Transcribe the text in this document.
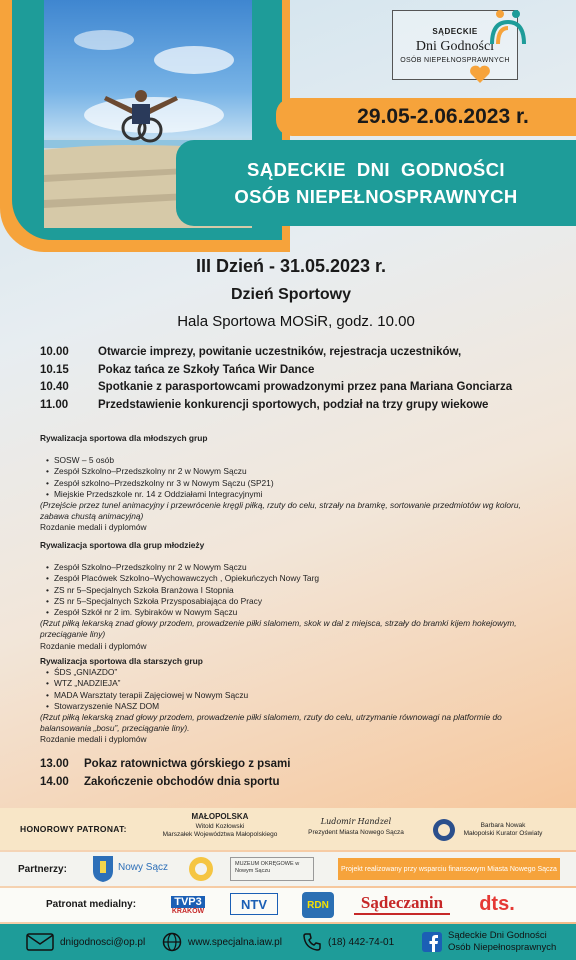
SĄDECKIE
Dni Godności
OSÓB NIEPEŁNOSPRAWNYCH
29.05-2.06.2023 r.
SĄDECKIE  DNI  GODNOŚCI
OSÓB NIEPEŁNOSPRAWNYCH
III Dzień - 31.05.2023 r.
Dzień Sportowy
Hala Sportowa MOSiR, godz. 10.00
10.00	Otwarcie imprezy, powitanie uczestników, rejestracja uczestników,
10.15	Pokaz tańca ze Szkoły Tańca Wir Dance
10.40	Spotkanie z parasportowcami prowadzonymi przez pana Mariana Gonciarza
11.00	Przedstawienie konkurencji sportowych, podział na trzy grupy wiekowe
Rywalizacja sportowa dla młodszych grup
• SOSW – 5 osób
• Zespół Szkolno–Przedszkolny nr 2 w Nowym Sączu
• Zespół szkolno–Przedszkolny nr 3 w Nowym Sączu (SP21)
• Miejskie Przedszkole nr. 14 z Oddziałami Integracyjnymi
(Przejście przez tunel animacyjny i przewrócenie kręgli piłką, rzuty do celu, strzały na bramkę, sortowanie przedmiotów wg koloru, zabawa chustą animacyjną)
Rozdanie medali i dyplomów
Rywalizacja sportowa dla grup młodzieży
• Zespół Szkolno–Przedszkolny nr 2 w Nowym Sączu
• Zespół Placówek Szkolno–Wychowawczych , Opiekuńczych Nowy Targ
• ZS nr 5–Specjalnych Szkoła Branżowa I Stopnia
• ZS nr 5–Specjalnych Szkoła Przysposabiająca do Pracy
• Zespół Szkół nr 2 im. Sybiraków w Nowym Sączu
(Rzut piłką lekarską znad głowy przodem, prowadzenie piłki slalomem, skok w dal z miejsca, strzały do bramki kijem hokejowym, przeciąganie liny)
Rozdanie medali i dyplomów
Rywalizacja sportowa dla starszych grup
• ŚDS „GNIAZDO”
• WTZ „NADZIEJA”
• MADA Warsztaty terapii Zajęciowej w Nowym Sączu
• Stowarzyszenie NASZ DOM
(Rzut piłką lekarską znad głowy przodem, prowadzenie piłki slalomem, rzuty do celu, utrzymanie równowagi na platformie do balansowania „bosu”, przeciąganie liny).
Rozdanie medali i dyplomów
13.00 Pokaz ratownictwa górskiego z psami
14.00 Zakończenie obchodów dnia sportu
HONOROWY PATRONAT:
MAŁOPOLSKA
Witold Kozłowski
Marszałek Województwa Małopolskiego
Ludomir Handzel
Prezydent Miasta Nowego Sącza
Barbara Nowak
Małopolski Kurator Oświaty
Partnerzy:	Nowy Sącz	MUZEUM OKRĘGOWE w Nowym Sączu	Projekt realizowany przy wsparciu finansowym Miasta Nowego Sącza
Patronat medialny:	TVP3
KRAKÓW	NTV	RDN	Sądeczanin	dts.
dnigodnosci@op.pl	www.specjalna.iaw.pl	(18) 442-74-01
Sądeckie Dni Godności
Osób Niepełnosprawnych
